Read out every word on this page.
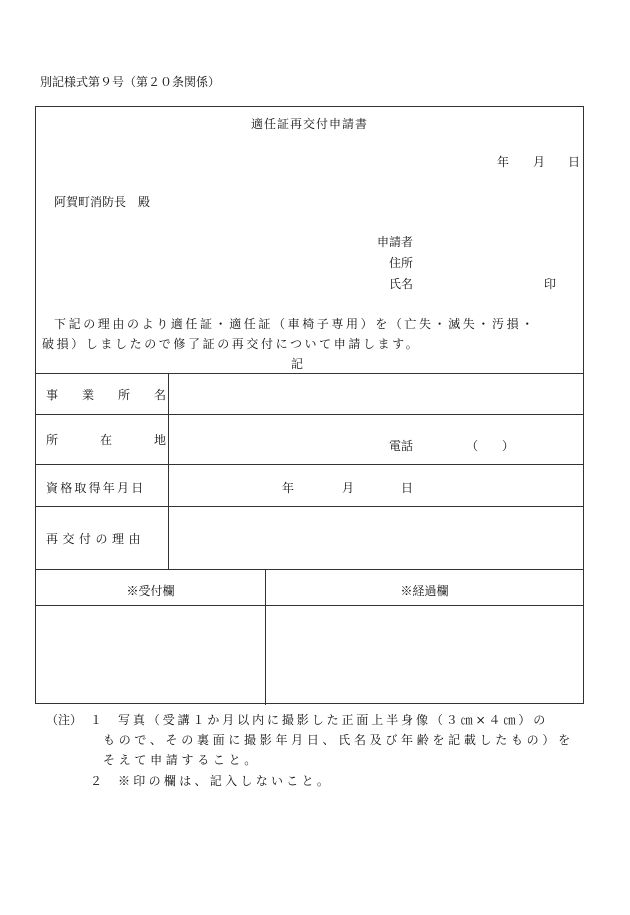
別記様式第９号（第２０条関係）
適任証再交付申請書
年 月 日
阿賀町消防長　殿
申請者
住所
氏名	印
下記の理由のより適任証・適任証（車椅子専用）を（亡失・滅失・汚損・
破損）しましたので修了証の再交付について申請します。
記
事　業　所　名
所　　在　　地	電話	（　　）
資格取得年月日	年	月	日
再交付の理由
※受付欄	※経過欄
（注） １ 写真（受講１か月以内に撮影した正面上半身像（３㎝×４㎝）の
もので、その裏面に撮影年月日、氏名及び年齢を記載したもの）を
そえて申請すること。
２ ※印の欄は、記入しないこと。
